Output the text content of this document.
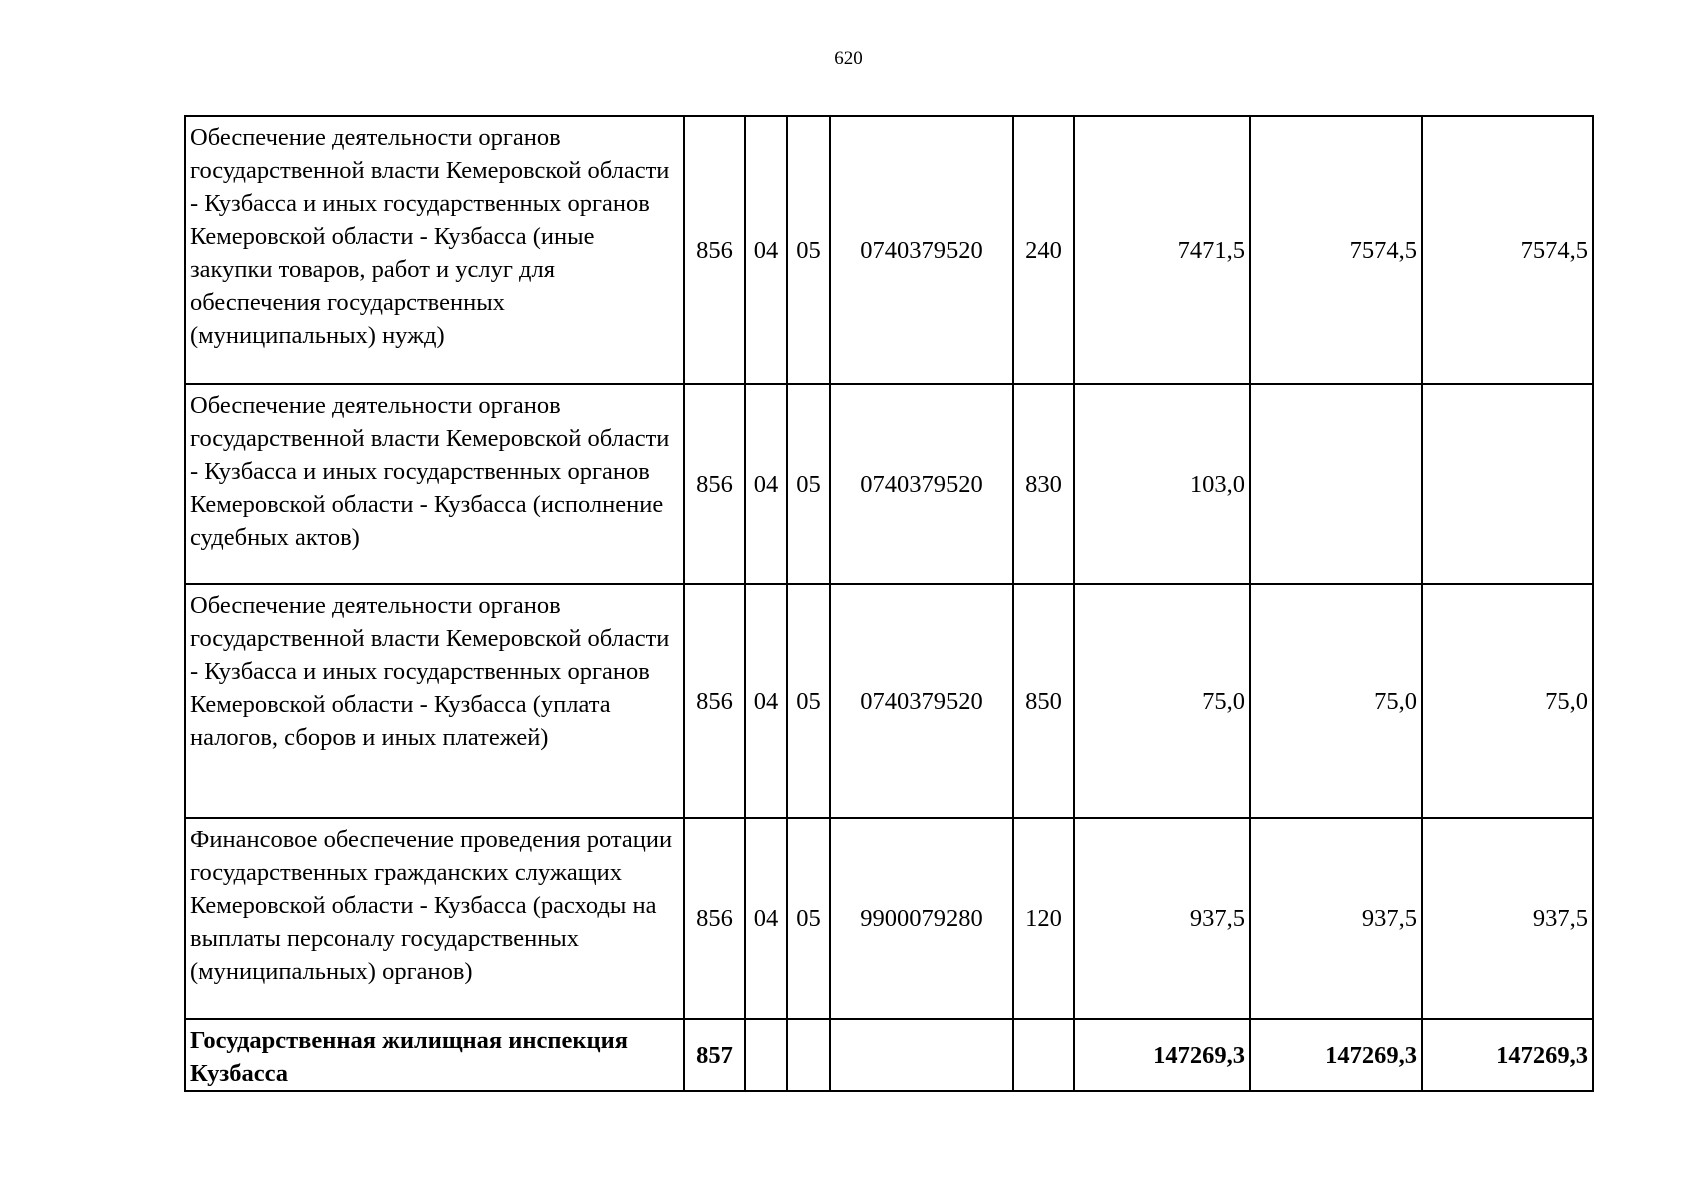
620
Обеспечение деятельности органов государственной власти Кемеровской области - Кузбасса и иных государственных органов Кемеровской области - Кузбасса (иные закупки товаров, работ и услуг для обеспечения государственных (муниципальных) нужд)	856	04	05	0740379520	240	7471,5	7574,5	7574,5
Обеспечение деятельности органов государственной власти Кемеровской области - Кузбасса и иных государственных органов Кемеровской области - Кузбасса (исполнение судебных актов)	856	04	05	0740379520	830	103,0		
Обеспечение деятельности органов государственной власти Кемеровской области - Кузбасса и иных государственных органов Кемеровской области - Кузбасса (уплата налогов, сборов и иных платежей)	856	04	05	0740379520	850	75,0	75,0	75,0
Финансовое обеспечение проведения ротации государственных гражданских служащих Кемеровской области - Кузбасса (расходы на выплаты персоналу государственных (муниципальных) органов)	856	04	05	9900079280	120	937,5	937,5	937,5
Государственная жилищная инспекция Кузбасса	857					147269,3	147269,3	147269,3
